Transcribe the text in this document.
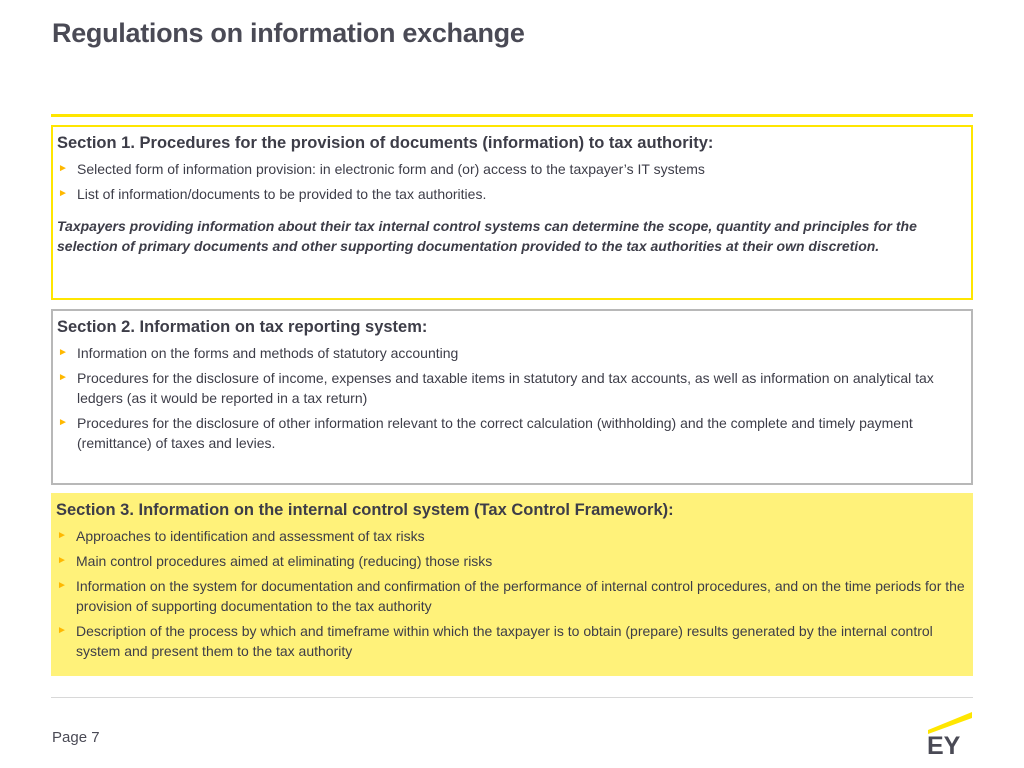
Regulations on information exchange
Section 1. Procedures for the provision of documents (information) to tax authority:
► Selected form of information provision: in electronic form and (or) access to the taxpayer’s IT systems
► List of information/documents to be provided to the tax authorities.
Taxpayers providing information about their tax internal control systems can determine the scope, quantity and principles for the selection of primary documents and other supporting documentation provided to the tax authorities at their own discretion.
Section 2. Information on tax reporting system:
► Information on the forms and methods of statutory accounting
► Procedures for the disclosure of income, expenses and taxable items in statutory and tax accounts, as well as information on analytical tax ledgers (as it would be reported in a tax return)
► Procedures for the disclosure of other information relevant to the correct calculation (withholding) and the complete and timely payment (remittance) of taxes and levies.
Section 3. Information on the internal control system (Tax Control Framework):
► Approaches to identification and assessment of tax risks
► Main control procedures aimed at eliminating (reducing) those risks
► Information on the system for documentation and confirmation of the performance of internal control procedures, and on the time periods for the provision of supporting documentation to the tax authority
► Description of the process by which and timeframe within which the taxpayer is to obtain (prepare) results generated by the internal control system and present them to the tax authority
Page 7	EY
